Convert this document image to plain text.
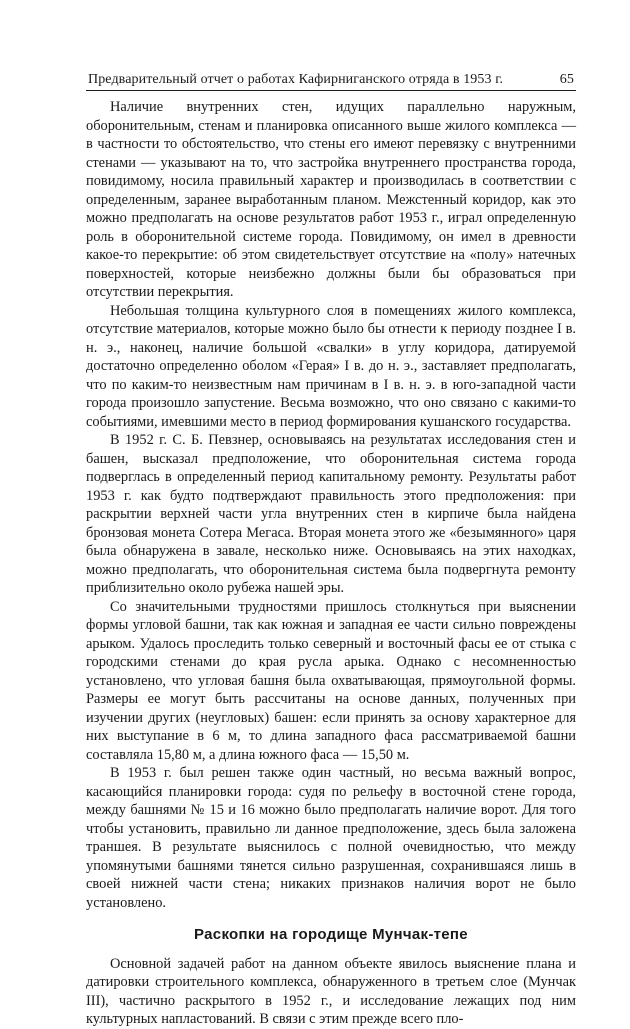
Предварительный отчет о работах Кафирниганского отряда в 1953 г.	65

Наличие внутренних стен, идущих параллельно наружным, оборонительным, стенам и планировка описанного выше жилого комплекса — в частности то обстоятельство, что стены его имеют перевязку с внутренними стенами — указывают на то, что застройка внутреннего пространства города, повидимому, носила правильный характер и производилась в соответствии с определенным, заранее выработанным планом. Межстенный коридор, как это можно предполагать на основе результатов работ 1953 г., играл определенную роль в оборонительной системе города. Повидимому, он имел в древности какое-то перекрытие: об этом свидетельствует отсутствие на «полу» натечных поверхностей, которые неизбежно должны были бы образоваться при отсутствии перекрытия.

Небольшая толщина культурного слоя в помещениях жилого комплекса, отсутствие материалов, которые можно было бы отнести к периоду позднее I в. н. э., наконец, наличие большой «свалки» в углу коридора, датируемой достаточно определенно оболом «Герая» I в. до н. э., заставляет предполагать, что по каким-то неизвестным нам причинам в I в. н. э. в юго-западной части города произошло запустение. Весьма возможно, что оно связано с какими-то событиями, имевшими место в период формирования кушанского государства.

В 1952 г. С. Б. Певзнер, основываясь на результатах исследования стен и башен, высказал предположение, что оборонительная система города подверглась в определенный период капитальному ремонту. Результаты работ 1953 г. как будто подтверждают правильность этого предположения: при раскрытии верхней части угла внутренних стен в кирпиче была найдена бронзовая монета Сотера Мегаса. Вторая монета этого же «безымянного» царя была обнаружена в завале, несколько ниже. Основываясь на этих находках, можно предполагать, что оборонительная система была подвергнута ремонту приблизительно около рубежа нашей эры.

Со значительными трудностями пришлось столкнуться при выяснении формы угловой башни, так как южная и западная ее части сильно повреждены арыком. Удалось проследить только северный и восточный фасы ее от стыка с городскими стенами до края русла арыка. Однако с несомненностью установлено, что угловая башня была охватывающая, прямоугольной формы. Размеры ее могут быть рассчитаны на основе данных, полученных при изучении других (неугловых) башен: если принять за основу характерное для них выступание в 6 м, то длина западного фаса рассматриваемой башни составляла 15,80 м, а длина южного фаса — 15,50 м.

В 1953 г. был решен также один частный, но весьма важный вопрос, касающийся планировки города: судя по рельефу в восточной стене города, между башнями № 15 и 16 можно было предполагать наличие ворот. Для того чтобы установить, правильно ли данное предположение, здесь была заложена траншея. В результате выяснилось с полной очевидностью, что между упомянутыми башнями тянется сильно разрушенная, сохранившаяся лишь в своей нижней части стена; никаких признаков наличия ворот не было установлено.

Раскопки на городище Мунчак-тепе

Основной задачей работ на данном объекте явилось выяснение плана и датировки строительного комплекса, обнаруженного в третьем слое (Мунчак III), частично раскрытого в 1952 г., и исследование лежащих под ним культурных напластований. В связи с этим прежде всего пло-
